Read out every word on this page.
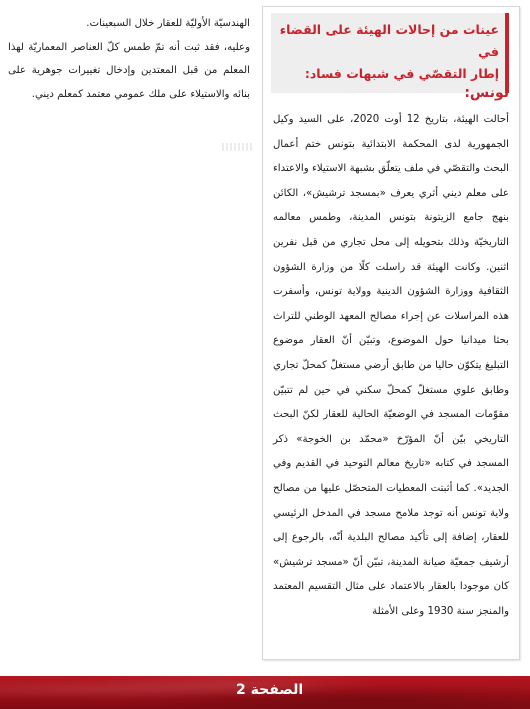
الهندسيّة الأوليّة للعقار خلال السبعينات.

وعليه، فقد ثبت أنه تمّ طمس كلّ العناصر المعماريّة لهذا المعلم من قبل المعتدين وإدخال تغييرات جوهرية على بنائه والاستيلاء على ملك عمومي معتمد كمعلم ديني.

عينات من إحالات الهيئة على القضاء في
إطار التقصّي في شبهات فساد:
تونس:

أحالت الهيئة، بتاريخ 12 أوت 2020، على السيد وكيل الجمهورية لدى المحكمة الابتدائية بتونس ختم أعمال البحث والتقصّي في ملف يتعلّق بشبهة الاستيلاء والاعتداء على معلم ديني أثري يعرف «بمسجد ترشيش»، الكائن بنهج جامع الزيتونة بتونس المدينة، وطمس معالمه التاريخيّة وذلك بتحويله إلى محل تجاري من قبل نفرين اثنين. وكانت الهيئة قد راسلت كلًا من وزارة الشؤون الثقافية ووزارة الشؤون الدينية وولاية تونس، وأسفرت هذه المراسلات عن إجراء مصالح المعهد الوطني للتراث بحثا ميدانيا حول الموضوع، وتبيّن أنّ العقار موضوع التبليغ يتكوّن حاليا من طابق أرضي مستغلّ كمحلّ تجاري وطابق علوي مستغلّ كمحلّ سكني في حين لم تتبيّن مقوّمات المسجد في الوضعيّة الحالية للعقار لكنّ البحث التاريخي بيّن أنّ المؤرّخ «محمّد بن الخوجة» ذكر المسجد في كتابه «تاريخ معالم التوحيد في القديم وفي الجديد». كما أثبتت المعطيات المتحصّل عليها من مصالح ولاية تونس أنه توجد ملامح مسجد في المدخل الرئيسي للعقار، إضافة إلى تأكيد مصالح البلدية أنّه، بالرجوع إلى أرشيف جمعيّة صيانة المدينة، تبيّن أنّ «مسجد ترشيش» كان موجودا بالعقار بالاعتماد على مثال التقسيم المعتمد والمنجز سنة 1930 وعلى الأمثلة

الصفحة 2
